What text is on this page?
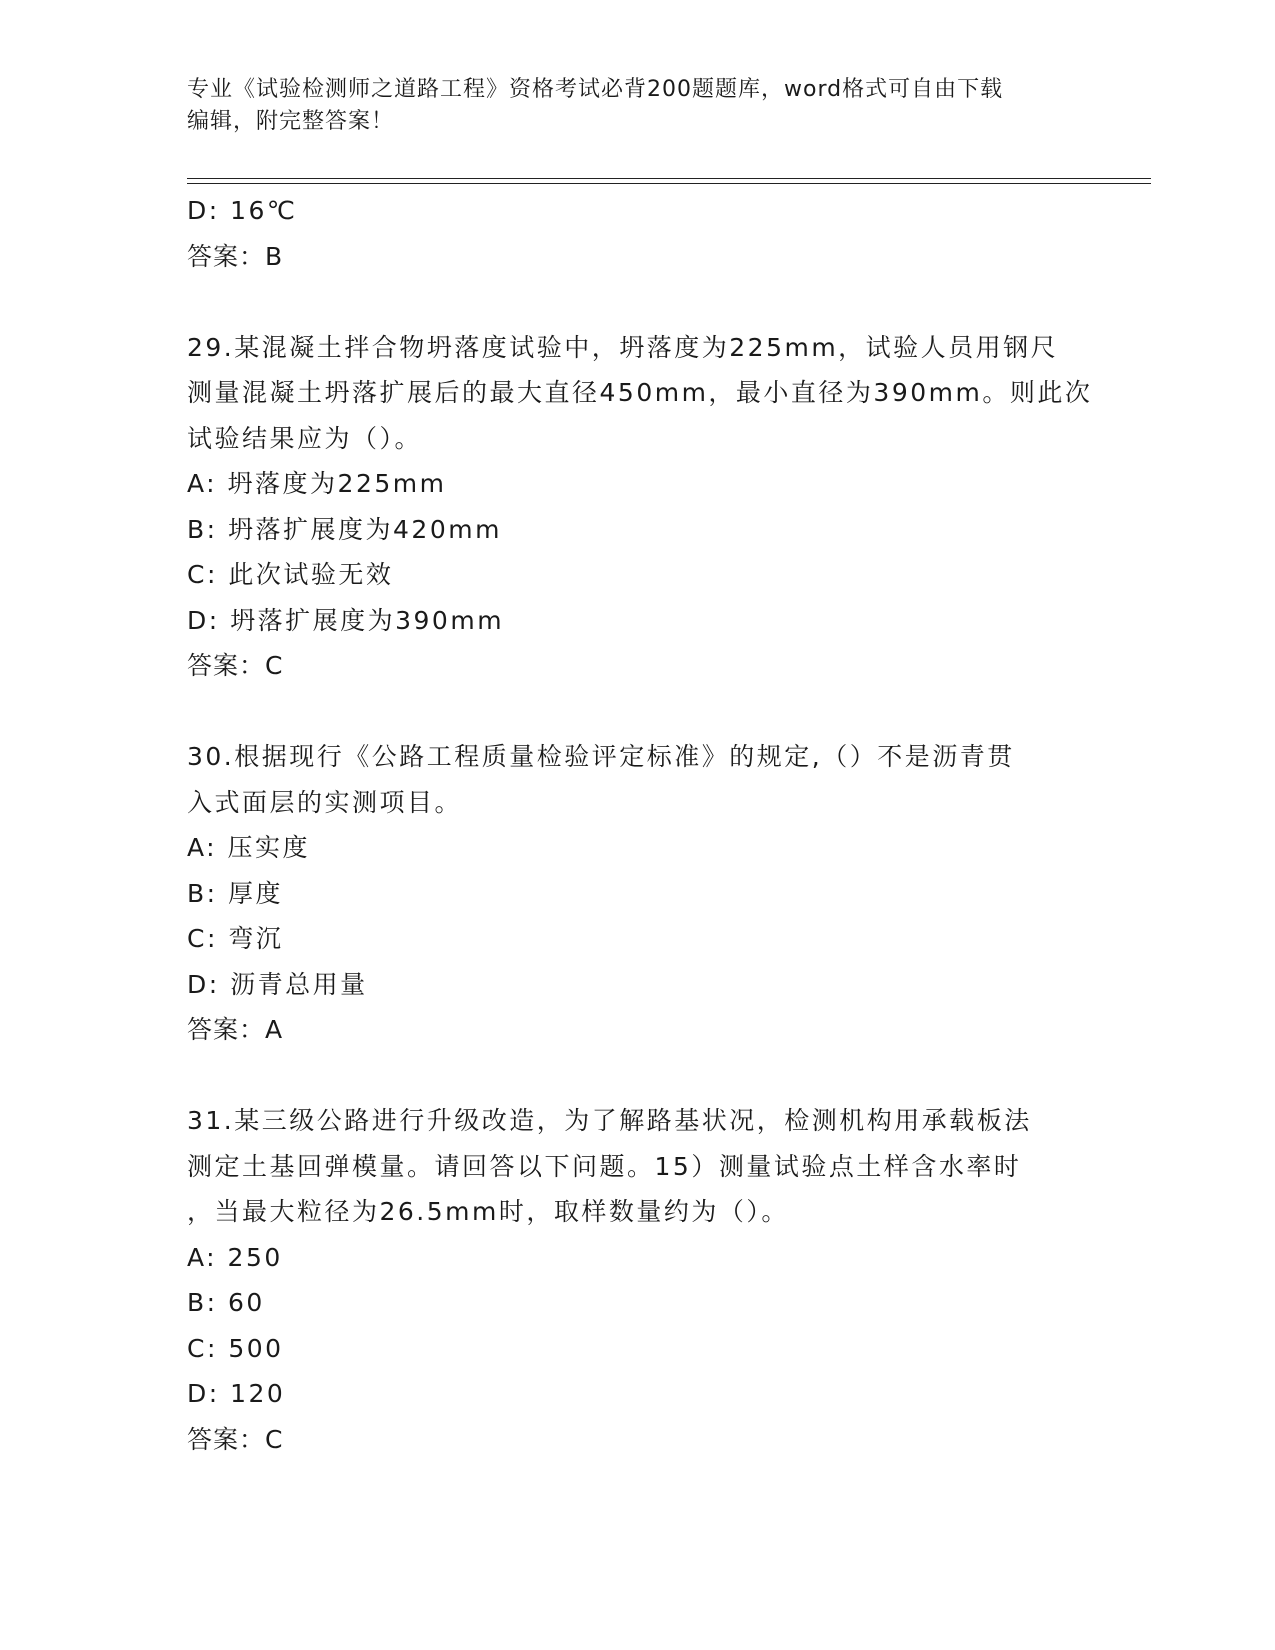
专业《试验检测师之道路工程》资格考试必背200题题库，word格式可自由下载
编辑，附完整答案！
D: 16℃
答案：B
29.某混凝土拌合物坍落度试验中，坍落度为225mm，试验人员用钢尺
测量混凝土坍落扩展后的最大直径450mm，最小直径为390mm。则此次
试验结果应为（）。
A: 坍落度为225mm
B: 坍落扩展度为420mm
C: 此次试验无效
D: 坍落扩展度为390mm
答案：C
30.根据现行《公路工程质量检验评定标准》的规定,（）不是沥青贯
入式面层的实测项目。
A: 压实度
B: 厚度
C: 弯沉
D: 沥青总用量
答案：A
31.某三级公路进行升级改造，为了解路基状况，检测机构用承载板法
测定土基回弹模量。请回答以下问题。15）测量试验点土样含水率时
，当最大粒径为26.5mm时，取样数量约为（）。
A: 250
B: 60
C: 500
D: 120
答案：C
